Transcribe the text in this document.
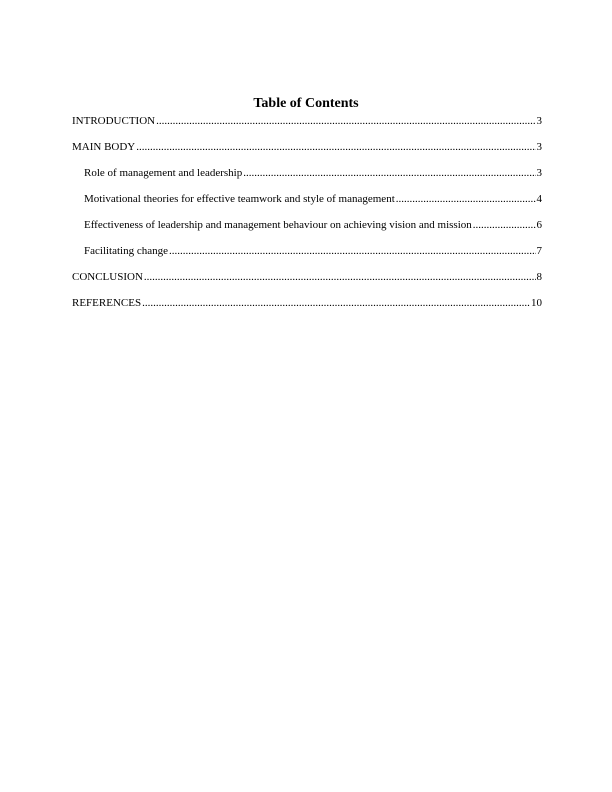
Table of Contents
INTRODUCTION .....	3
MAIN BODY .....	3
Role of management and leadership .....	3
Motivational theories for effective teamwork and style of management .....	4
Effectiveness of leadership and management behaviour on achieving vision and mission .....	6
Facilitating change .....	7
CONCLUSION .....	8
REFERENCES .....	10
